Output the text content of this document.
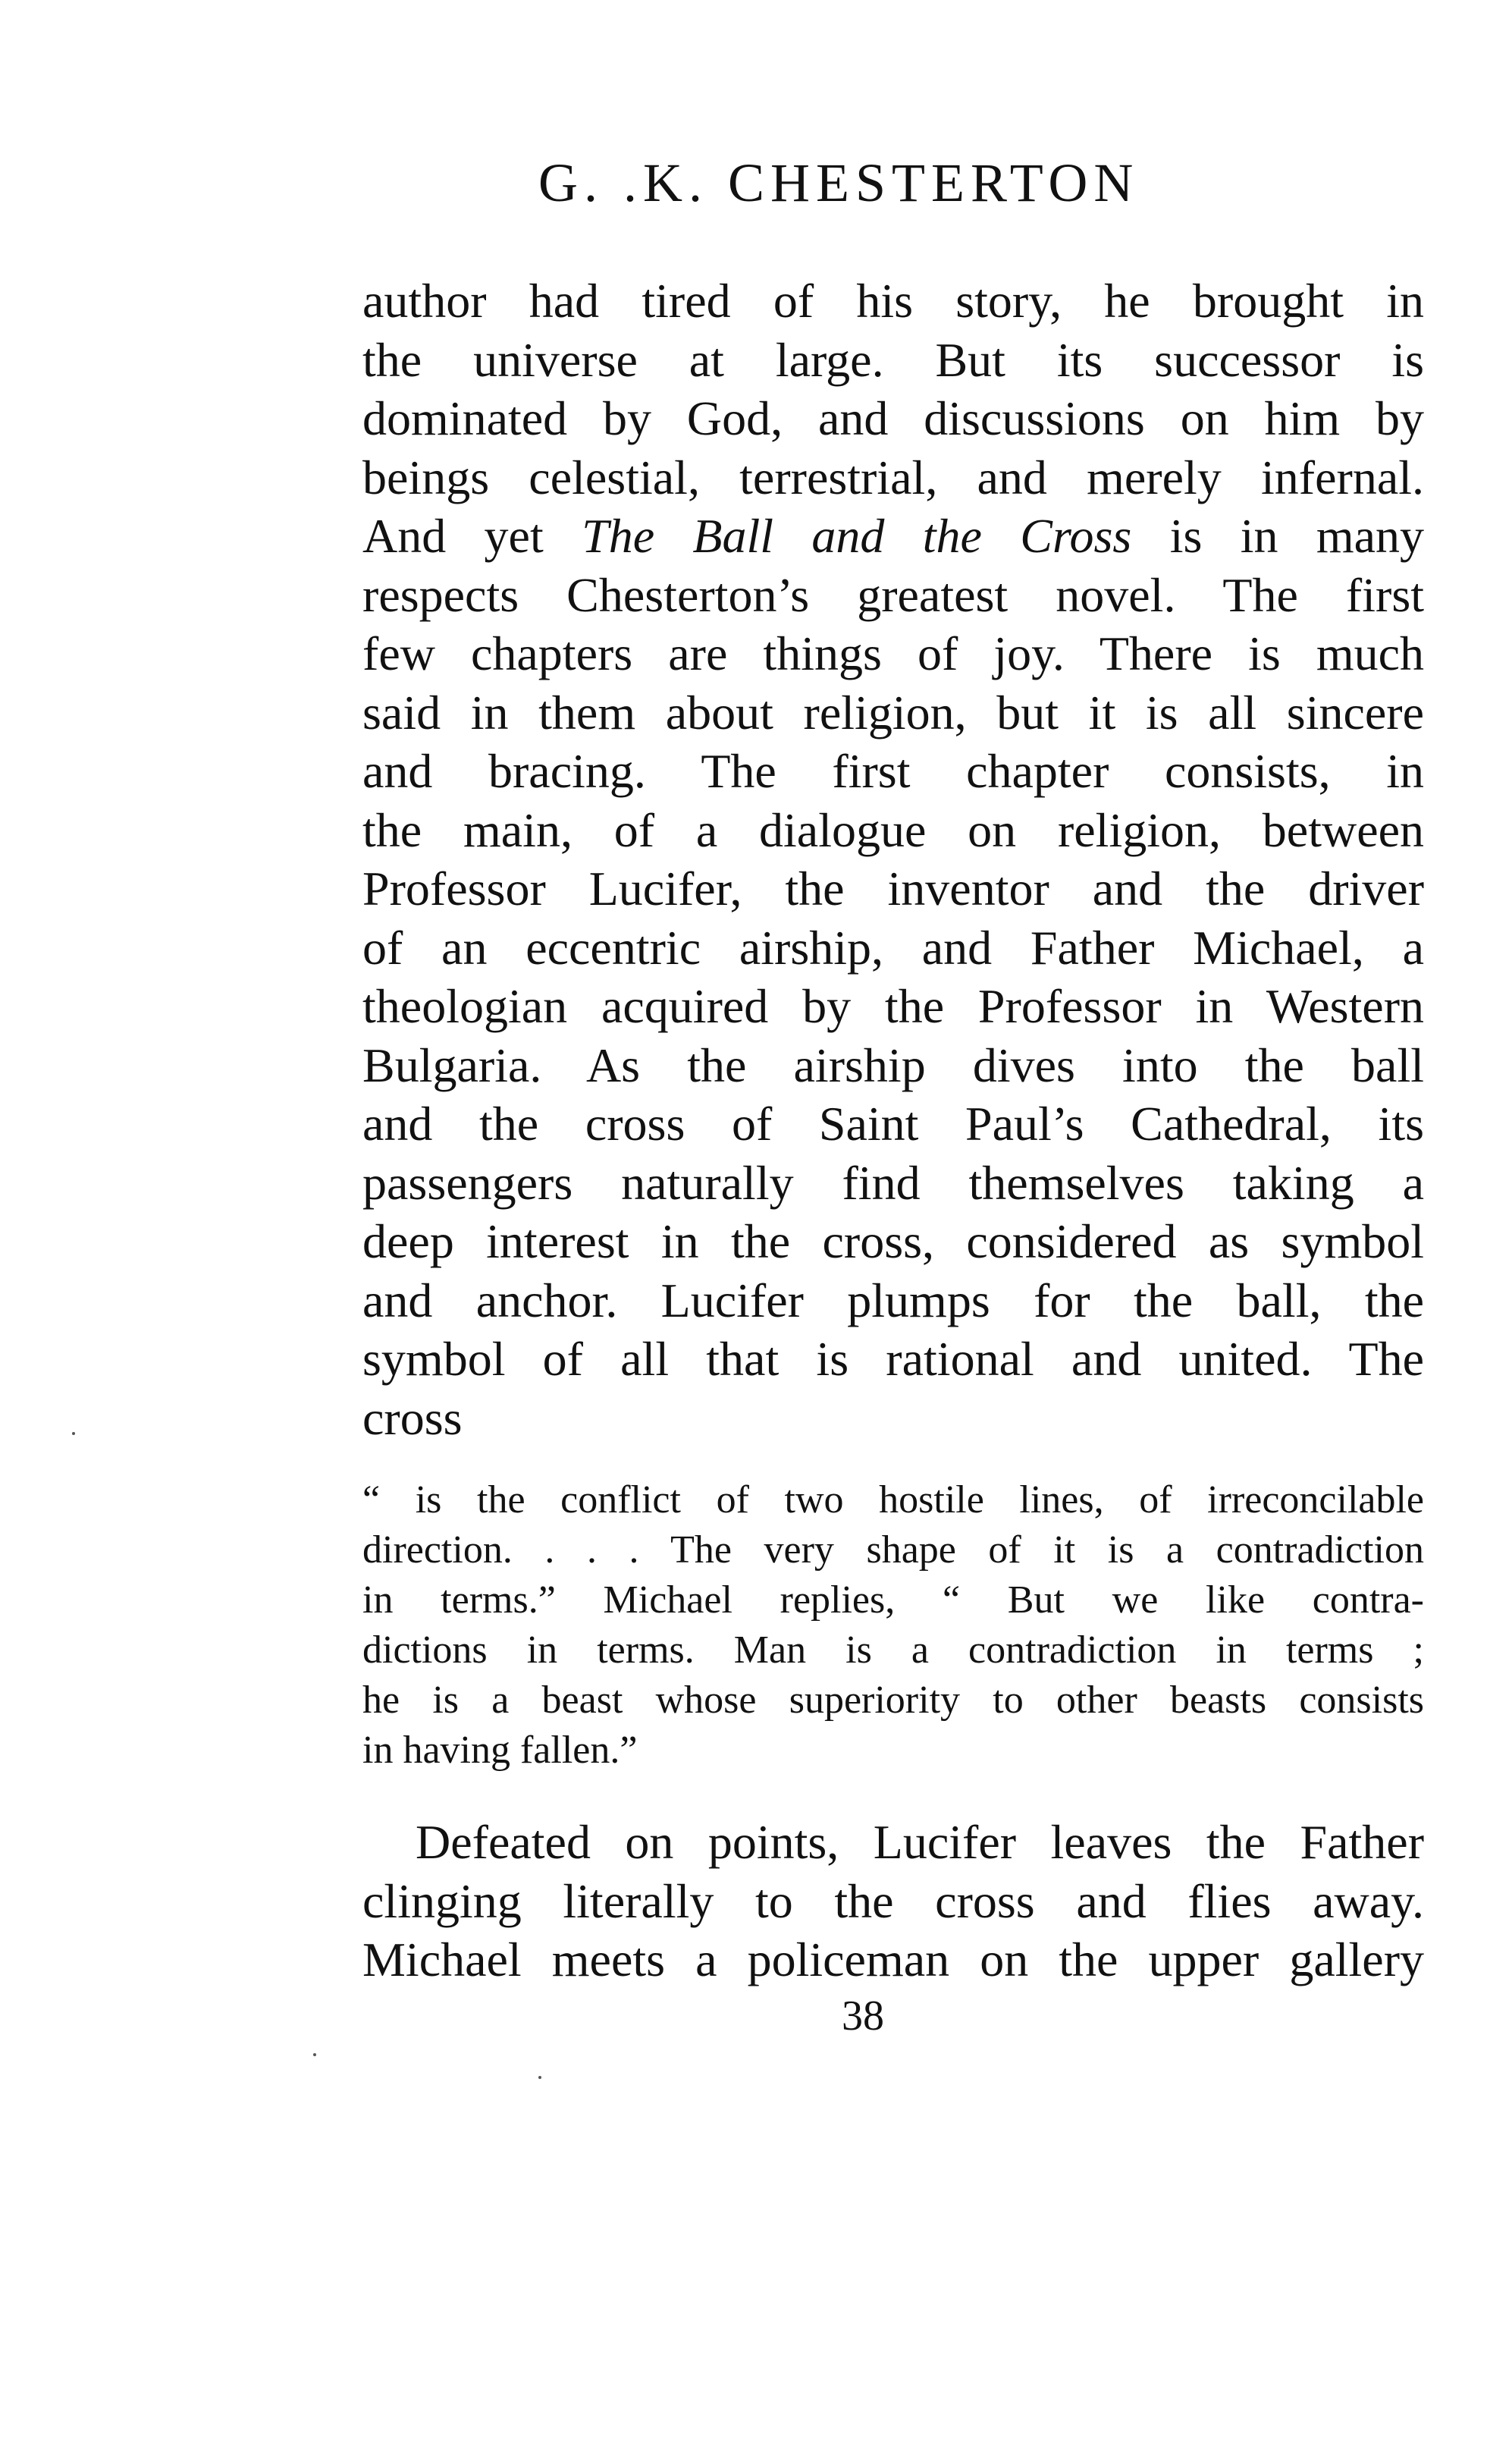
G. .K. CHESTERTON
author had tired of his story, he brought in
the universe at large. But its successor is
dominated by God, and discussions on him by
beings celestial, terrestrial, and merely infernal.
And yet The Ball and the Cross is in many
respects Chesterton’s greatest novel. The first
few chapters are things of joy. There is much
said in them about religion, but it is all sincere
and bracing. The first chapter consists, in
the main, of a dialogue on religion, between
Professor Lucifer, the inventor and the driver
of an eccentric airship, and Father Michael, a
theologian acquired by the Professor in Western
Bulgaria. As the airship dives into the ball
and the cross of Saint Paul’s Cathedral, its
passengers naturally find themselves taking a
deep interest in the cross, considered as symbol
and anchor. Lucifer plumps for the ball, the
symbol of all that is rational and united. The
cross
“ is the conflict of two hostile lines, of irreconcilable
direction. . . . The very shape of it is a contradiction
in terms.” Michael replies, “ But we like contra-
dictions in terms. Man is a contradiction in terms ;
he is a beast whose superiority to other beasts consists
in having fallen.”
Defeated on points, Lucifer leaves the Father
clinging literally to the cross and flies away.
Michael meets a policeman on the upper gallery
38
